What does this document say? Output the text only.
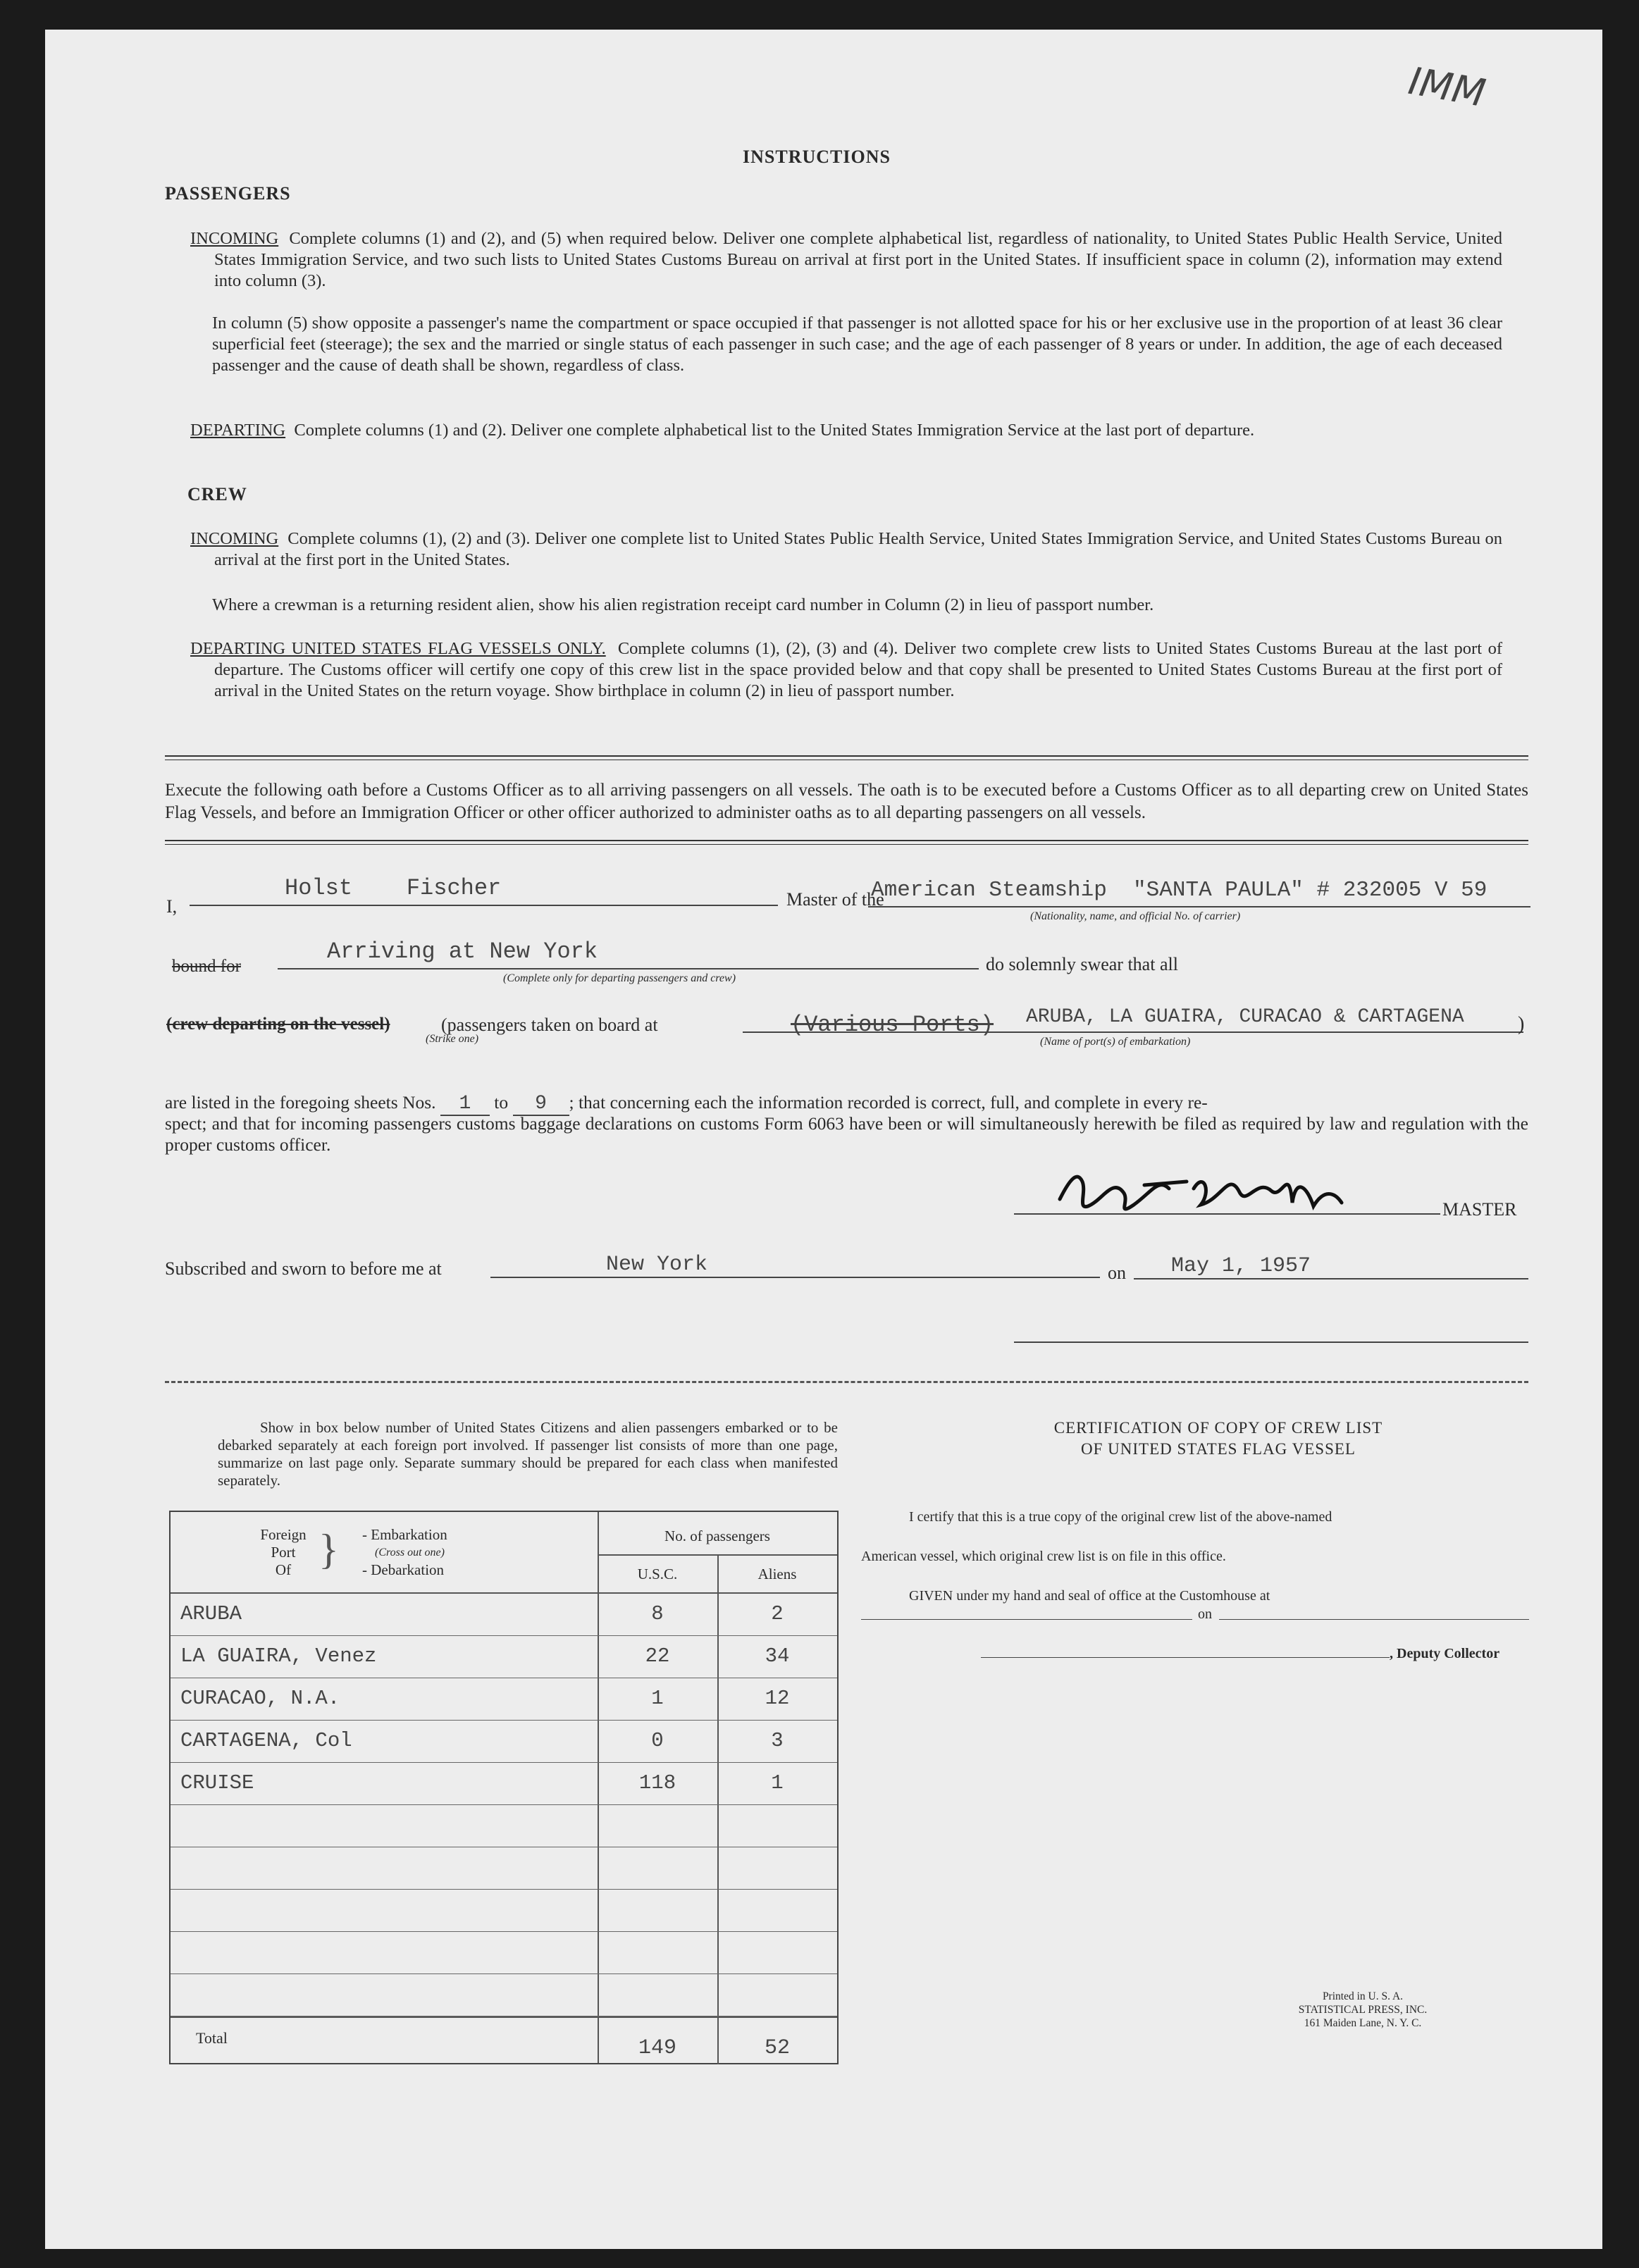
IMM
INSTRUCTIONS
PASSENGERS
INCOMING Complete columns (1) and (2), and (5) when required below. Deliver one complete alphabetical list, regardless of nationality, to United States Public Health Service, United States Immigration Service, and two such lists to United States Customs Bureau on arrival at first port in the United States. If insufficient space in column (2), information may extend into column (3).
In column (5) show opposite a passenger's name the compartment or space occupied if that passenger is not allotted space for his or her exclusive use in the proportion of at least 36 clear superficial feet (steerage); the sex and the married or single status of each passenger in such case; and the age of each passenger of 8 years or under. In addition, the age of each deceased passenger and the cause of death shall be shown, regardless of class.
DEPARTING Complete columns (1) and (2). Deliver one complete alphabetical list to the United States Immigration Service at the last port of departure.
CREW
INCOMING Complete columns (1), (2) and (3). Deliver one complete list to United States Public Health Service, United States Immigration Service, and United States Customs Bureau on arrival at the first port in the United States.
Where a crewman is a returning resident alien, show his alien registration receipt card number in Column (2) in lieu of passport number.
DEPARTING UNITED STATES FLAG VESSELS ONLY. Complete columns (1), (2), (3) and (4). Deliver two complete crew lists to United States Customs Bureau at the last port of departure. The Customs officer will certify one copy of this crew list in the space provided below and that copy shall be presented to United States Customs Bureau at the first port of arrival in the United States on the return voyage. Show birthplace in column (2) in lieu of passport number.
Execute the following oath before a Customs Officer as to all arriving passengers on all vessels. The oath is to be executed before a Customs Officer as to all departing crew on United States Flag Vessels, and before an Immigration Officer or other officer authorized to administer oaths as to all departing passengers on all vessels.
I,
Holst    Fischer	Master of the
American Steamship  "SANTA PAULA" # 232005 V 59
(Nationality, name, and official No. of carrier)
bound for
Arriving at New York
(Complete only for departing passengers and crew)
do solemnly swear that all
(crew departing on the vessel)
(Strike one)
(passengers taken on board at	(Various Ports) ARUBA, LA GUAIRA, CURACAO & CARTAGENA
(Name of port(s) of embarkation)
)
are listed in the foregoing sheets Nos. 1 to 9 ; that concerning each the information recorded is correct, full, and complete in every re-
spect; and that for incoming passengers customs baggage declarations on customs Form 6063 have been or will simultaneously herewith be filed as required by law and regulation with the proper customs officer.
MASTER
Subscribed and sworn to before me at	New York	on May 1, 1957
Show in box below number of United States Citizens and alien passengers embarked or to be debarked separately at each foreign port involved. If passenger list consists of more than one page, summarize on last page only. Separate summary should be prepared for each class when manifested separately.
Foreign
Port
Of } - Embarkation
(Cross out one)
- Debarkation
No. of passengers
U.S.C.	Aliens
ARUBA	8	2
LA GUAIRA, Venez	22	34
CURACAO, N.A.	1	12
CARTAGENA, Col	0	3
CRUISE	118	1
Total	149	52
CERTIFICATION OF COPY OF CREW LIST
OF UNITED STATES FLAG VESSEL
I certify that this is a true copy of the original crew list of the above-named
American vessel, which original crew list is on file in this office.
GIVEN under my hand and seal of office at the Customhouse at
on
, Deputy Collector
Printed in U. S. A.
STATISTICAL PRESS, INC.
161 Maiden Lane, N. Y. C.
